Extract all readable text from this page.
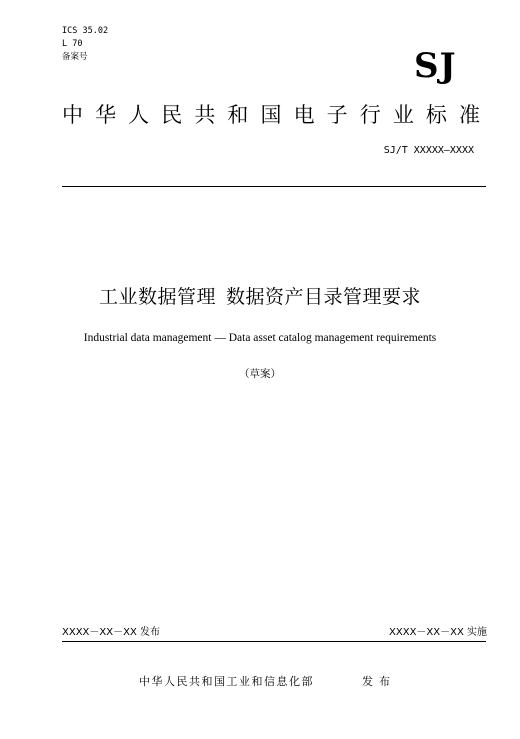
ICS 35.02
L 70
备案号	SJ
中华人民共和国电子行业标准
SJ/T XXXXX—XXXX
工业数据管理 数据资产目录管理要求
Industrial data management — Data asset catalog management requirements
（草案）
XXXX－XX－XX 发布	XXXX－XX－XX 实施
中华人民共和国工业和信息化部	发布
